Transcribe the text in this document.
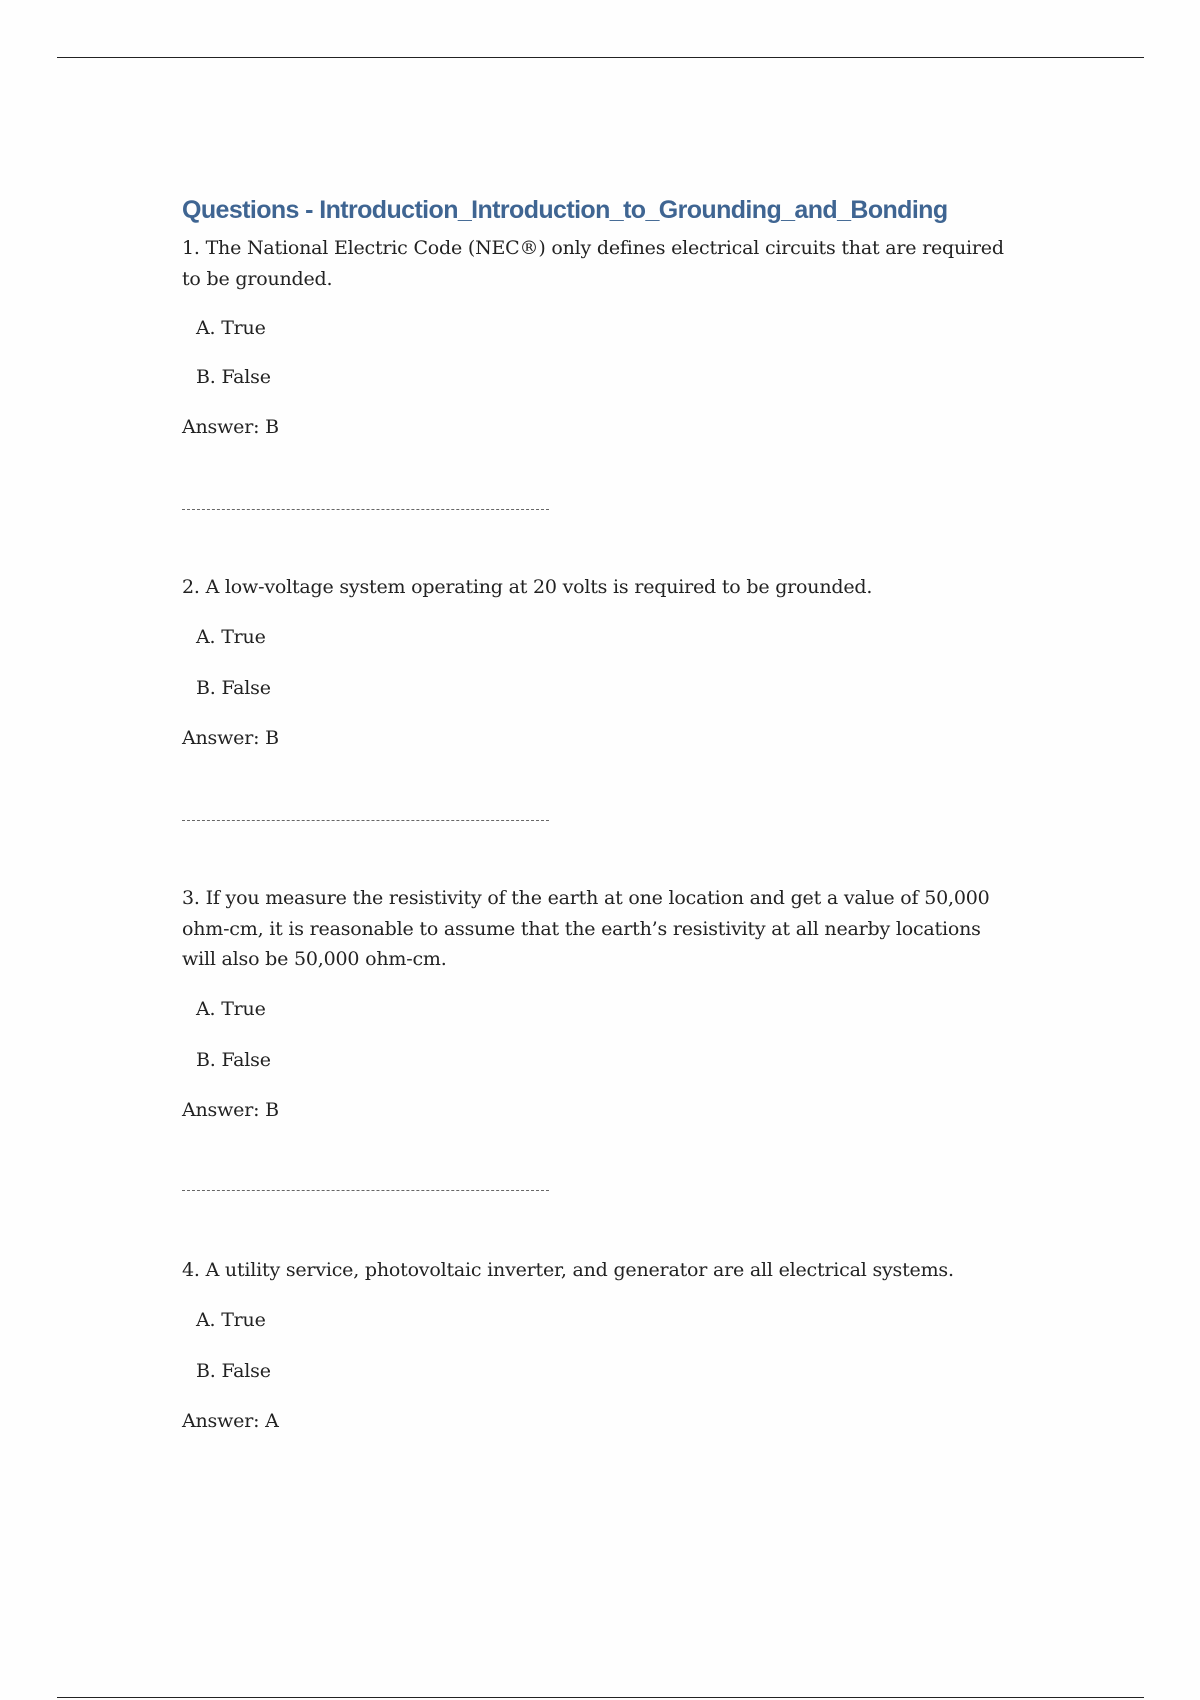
Questions - Introduction_Introduction_to_Grounding_and_Bonding
1. The National Electric Code (NEC®) only defines electrical circuits that are required
to be grounded.
A. True
B. False
Answer: B
2. A low-voltage system operating at 20 volts is required to be grounded.
A. True
B. False
Answer: B
3. If you measure the resistivity of the earth at one location and get a value of 50,000
ohm-cm, it is reasonable to assume that the earth’s resistivity at all nearby locations
will also be 50,000 ohm-cm.
A. True
B. False
Answer: B
4. A utility service, photovoltaic inverter, and generator are all electrical systems.
A. True
B. False
Answer: A
